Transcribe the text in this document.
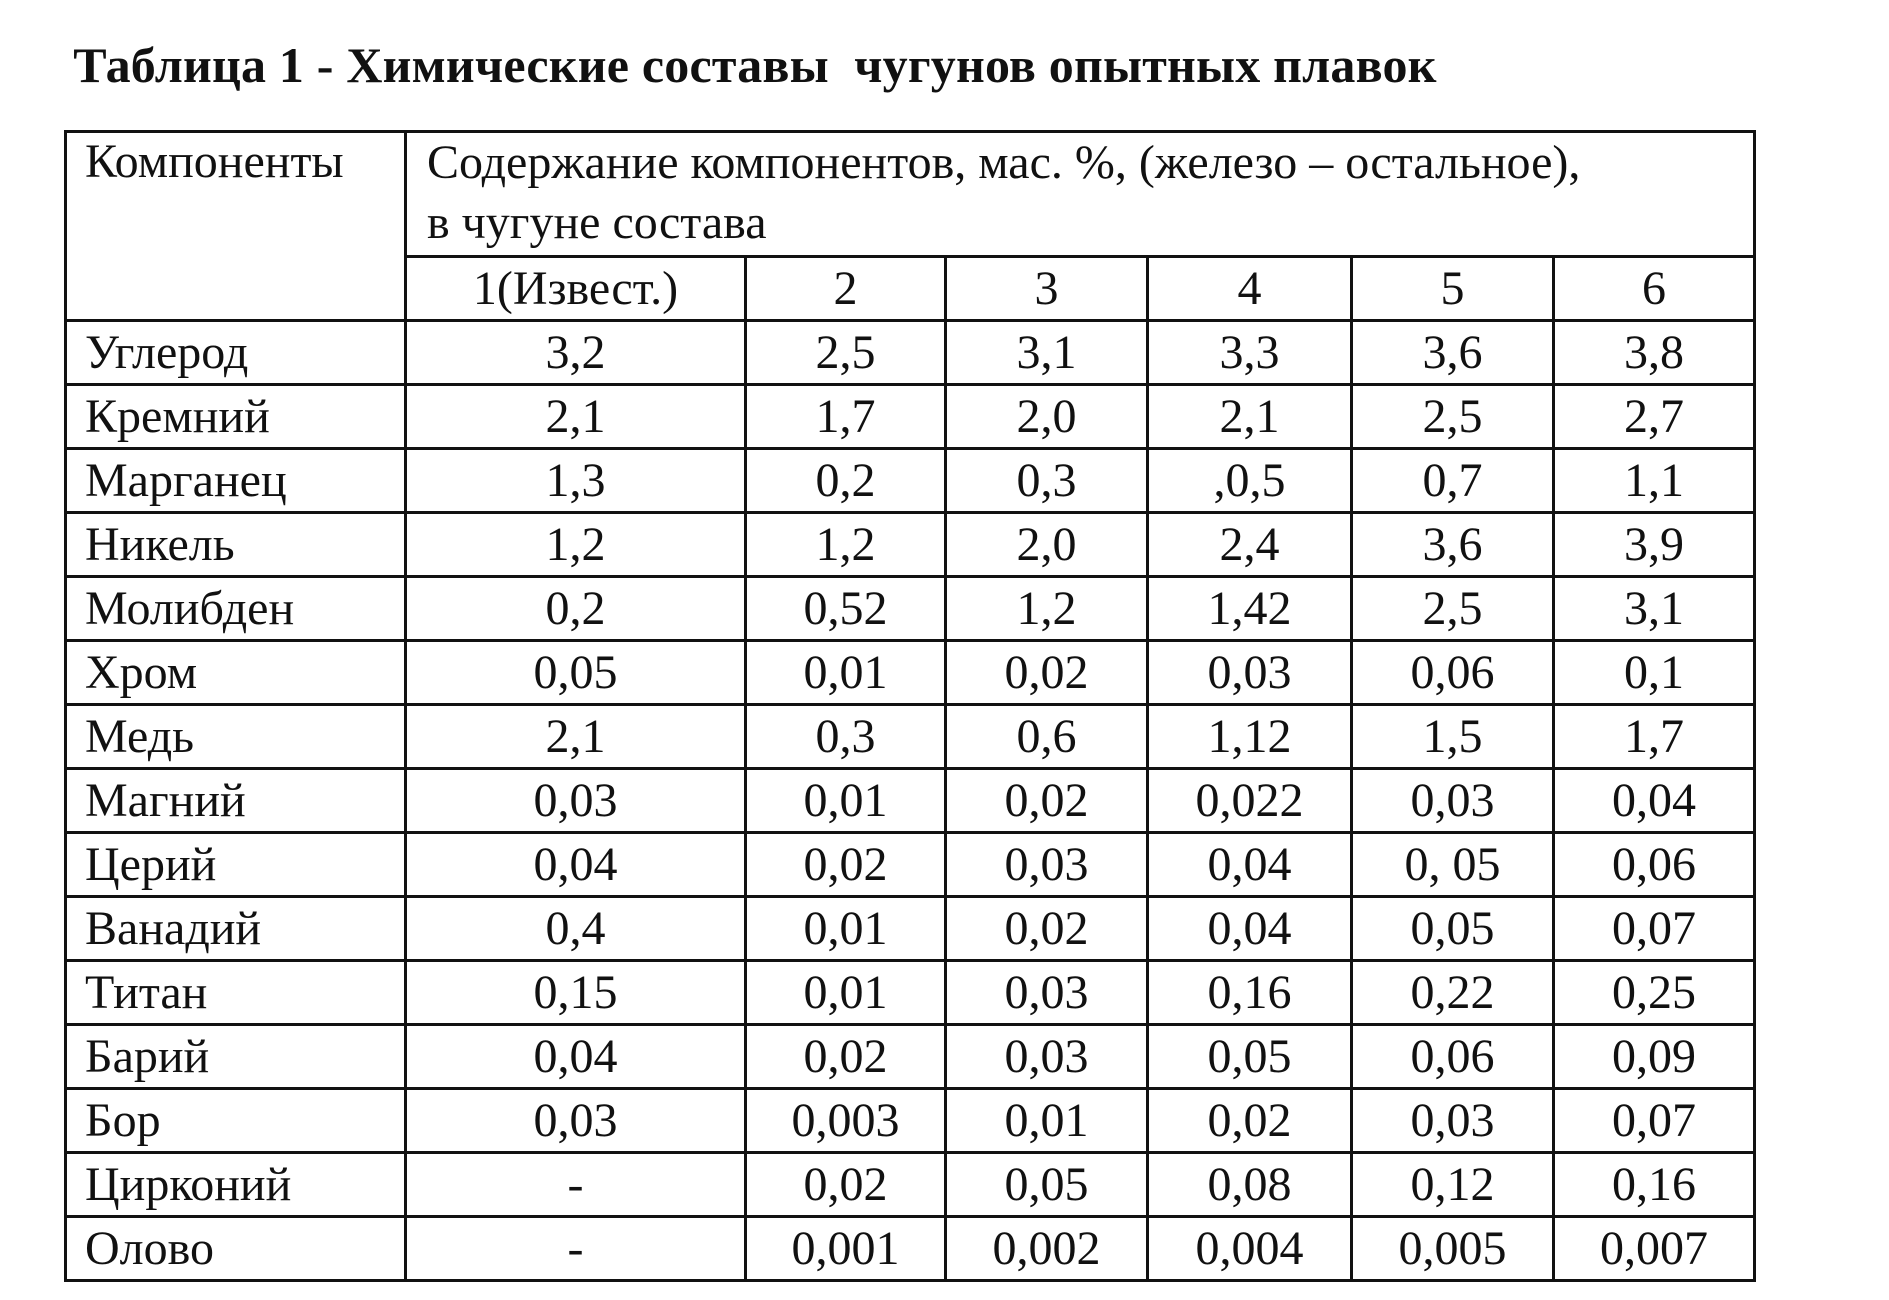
Таблица 1 - Химические составы  чугунов опытных плавок
Компоненты	Содержание компонентов, мас. %, (железо – остальное),
в чугуне состава					
	1(Извест.)	2	3	4	5	6
Углерод	3,2	2,5	3,1	3,3	3,6	3,8
Кремний	2,1	1,7	2,0	2,1	2,5	2,7
Марганец	1,3	0,2	0,3	,0,5	0,7	1,1
Никель	1,2	1,2	2,0	2,4	3,6	3,9
Молибден	0,2	0,52	1,2	1,42	2,5	3,1
Хром	0,05	0,01	0,02	0,03	0,06	0,1
Медь	2,1	0,3	0,6	1,12	1,5	1,7
Магний	0,03	0,01	0,02	0,022	0,03	0,04
Церий	0,04	0,02	0,03	0,04	0, 05	0,06
Ванадий	0,4	0,01	0,02	0,04	0,05	0,07
Титан	0,15	0,01	0,03	0,16	0,22	0,25
Барий	0,04	0,02	0,03	0,05	0,06	0,09
Бор	0,03	0,003	0,01	0,02	0,03	0,07
Цирконий	-	0,02	0,05	0,08	0,12	0,16
Олово	-	0,001	0,002	0,004	0,005	0,007
